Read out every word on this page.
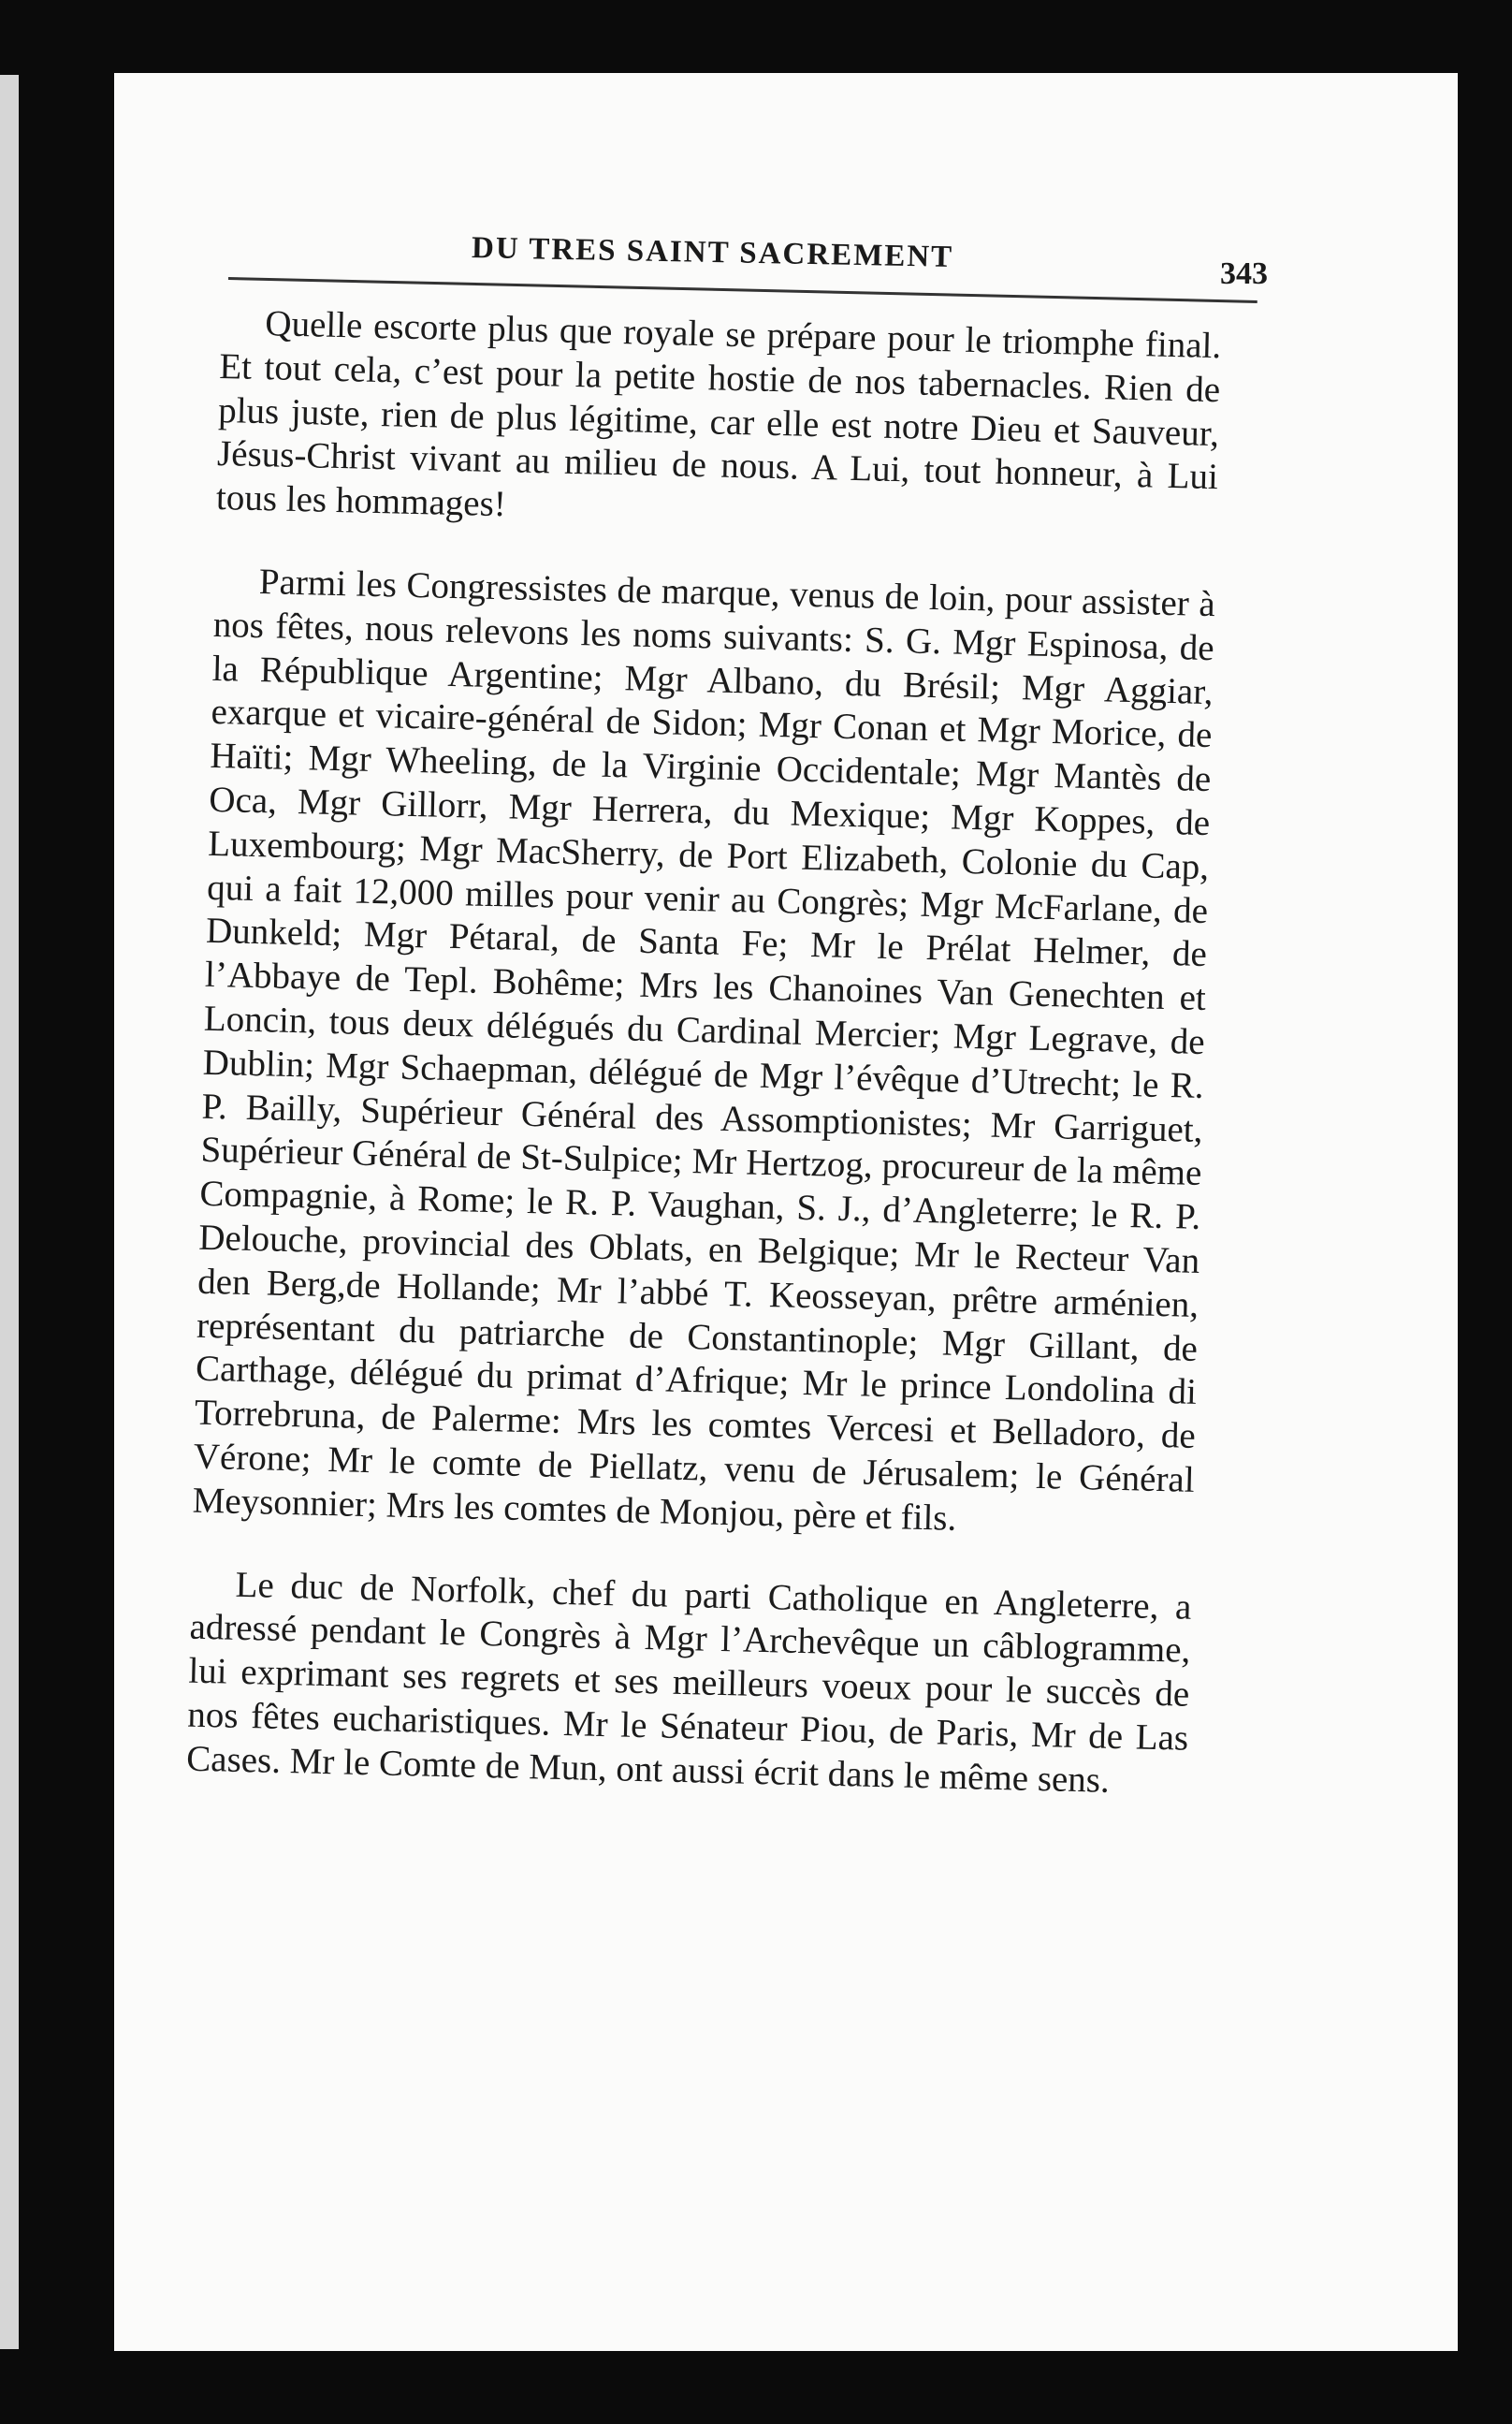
DU TRES SAINT SACREMENT	343

Quelle escorte plus que royale se prépare pour le triomphe final. Et tout cela, c’est pour la petite hostie de nos tabernacles. Rien de plus juste, rien de plus légitime, car elle est notre Dieu et Sauveur, Jésus-Christ vivant au milieu de nous. A Lui, tout honneur, à Lui tous les hommages!

Parmi les Congressistes de marque, venus de loin, pour assister à nos fêtes, nous relevons les noms suivants: S. G. Mgr Espinosa, de la République Argentine; Mgr Albano, du Brésil; Mgr Aggiar, exarque et vicaire-général de Sidon; Mgr Conan et Mgr Morice, de Haïti; Mgr Wheeling, de la Virginie Occidentale; Mgr Mantès de Oca, Mgr Gillorr, Mgr Herrera, du Mexique; Mgr Koppes, de Luxembourg; Mgr MacSherry, de Port Elizabeth, Colonie du Cap, qui a fait 12,000 milles pour venir au Congrès; Mgr McFarlane, de Dunkeld; Mgr Pétaral, de Santa Fe; Mr le Prélat Helmer, de l’Abbaye de Tepl. Bohême; Mrs les Chanoines Van Genechten et Loncin, tous deux délégués du Cardinal Mercier; Mgr Legrave, de Dublin; Mgr Schaepman, délégué de Mgr l’évêque d’Utrecht; le R. P. Bailly, Supérieur Général des Assomptionistes; Mr Garriguet, Supérieur Général de St-Sulpice; Mr Hertzog, procureur de la même Compagnie, à Rome; le R. P. Vaughan, S. J., d’Angleterre; le R. P. Delouche, provincial des Oblats, en Belgique; Mr le Recteur Van den Berg,de Hollande; Mr l’abbé T. Keosseyan, prêtre arménien, représentant du patriarche de Constantinople; Mgr Gillant, de Carthage, délégué du primat d’Afrique; Mr le prince Londolina di Torrebruna, de Palerme: Mrs les comtes Vercesi et Belladoro, de Vérone; Mr le comte de Piellatz, venu de Jérusalem; le Général Meysonnier; Mrs les comtes de Monjou, père et fils.

Le duc de Norfolk, chef du parti Catholique en Angleterre, a adressé pendant le Congrès à Mgr l’Archevêque un câblogramme, lui exprimant ses regrets et ses meilleurs voeux pour le succès de nos fêtes eucharistiques. Mr le Sénateur Piou, de Paris, Mr de Las Cases. Mr le Comte de Mun, ont aussi écrit dans le même sens.
